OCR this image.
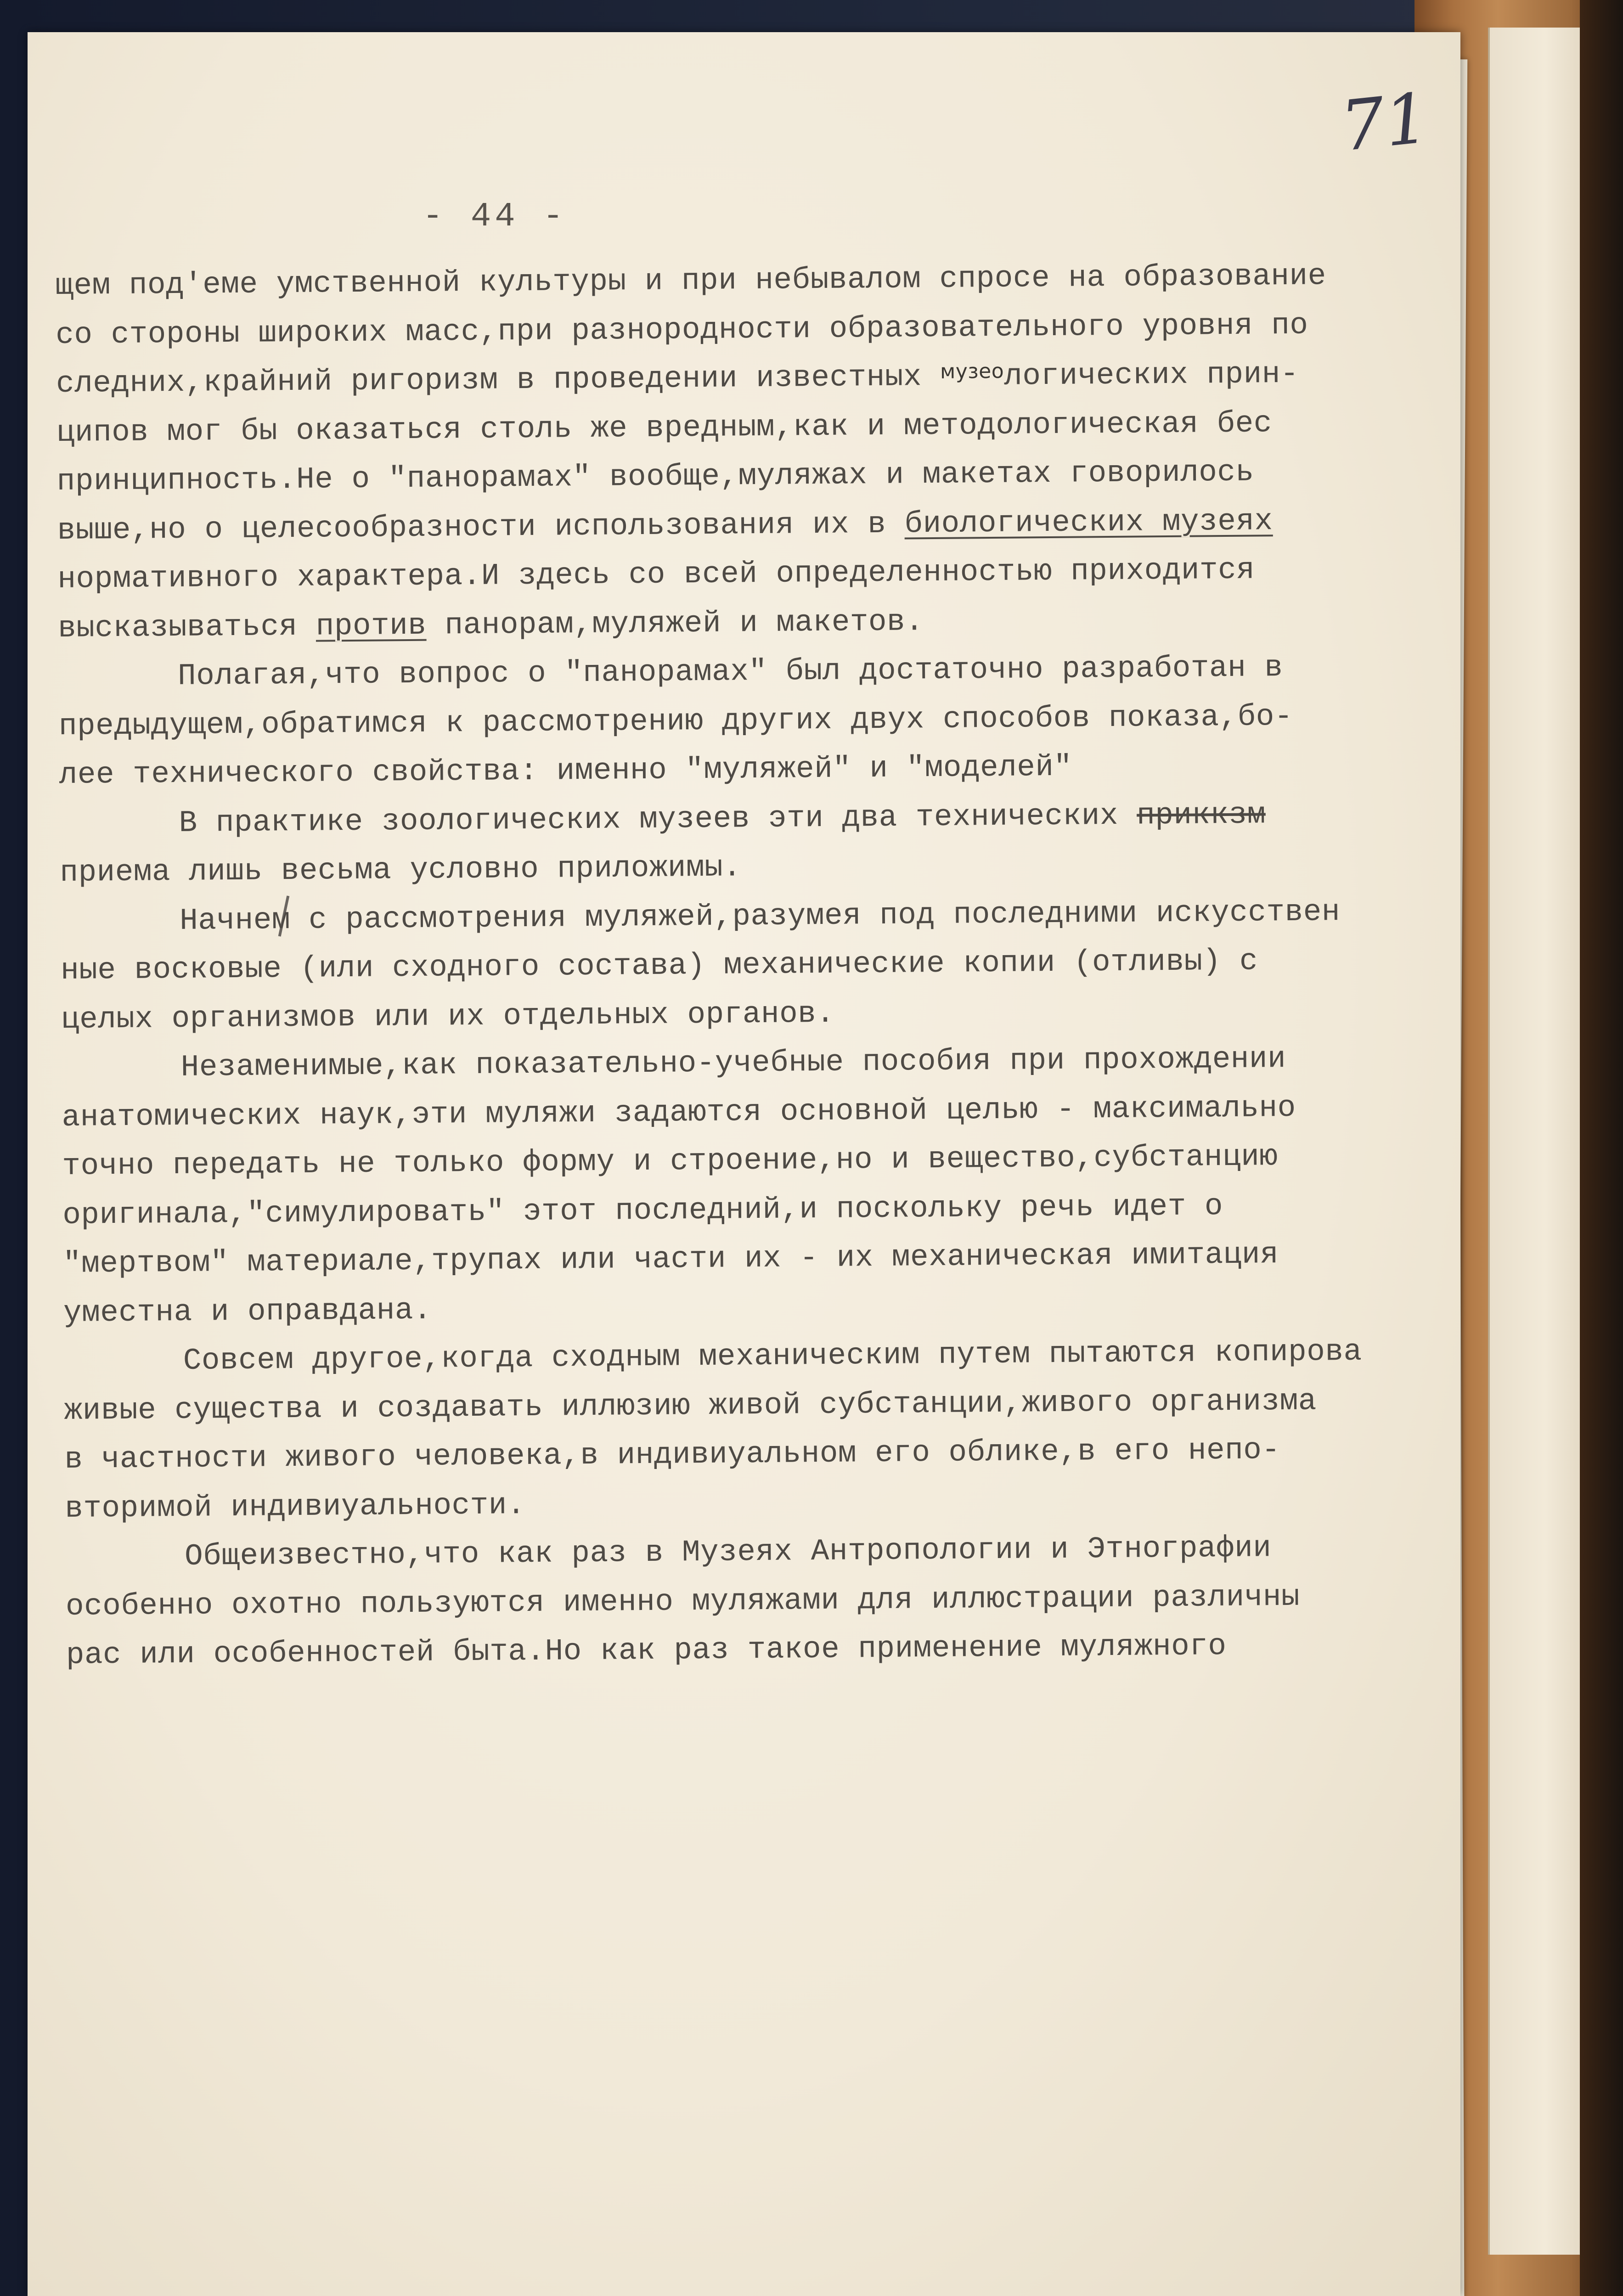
71
- 44 -
щем под'еме умственной культуры и при небывалом спросе на образование
со стороны широких масс,при разнородности образовательного уровня по
следних,крайний ригоризм в проведении известных $^{музео}$логических прин-
ципов мог бы оказаться столь же вредным,как и методологическая бес
принципность.Не о "панорамах" вообще,муляжах и макетах говорилось
выше,но о целесообразности использования их в биологических музеях
нормативного характера.И здесь со всей определенностью приходится
высказываться против панорам,муляжей и макетов.
Полагая,что вопрос о "панорамах" был достаточно разработан в
предыдущем,обратимся к рассмотрению других двух способов показа,бо-
лее технического свойства: именно "муляжей" и "моделей"
В практике зоологических музеев эти два технических приккзм
приема лишь весьма условно приложимы.
Начнем с рассмотрения муляжей,разумея под последними искусствен
ные восковые (или сходного состава) механические копии (отливы) с
целых организмов или их отдельных органов.
Незаменимые,как показательно-учебные пособия при прохождении
анатомических наук,эти муляжи задаются основной целью - максимально
точно передать не только форму и строение,но и вещество,субстанцию
оригинала,"симулировать" этот последний,и поскольку речь идет о
"мертвом" материале,трупах или части их - их механическая имитация
уместна и оправдана.
Совсем другое,когда сходным механическим путем пытаются копирова
живые существа и создавать иллюзию живой субстанции,живого организма
в частности живого человека,в индивиуальном его облике,в его непо-
вторимой индивиуальности.
Общеизвестно,что как раз в Музеях Антропологии и Этнографии
особенно охотно пользуются именно муляжами для иллюстрации различны
рас или особенностей быта.Но как раз такое применение муляжного
